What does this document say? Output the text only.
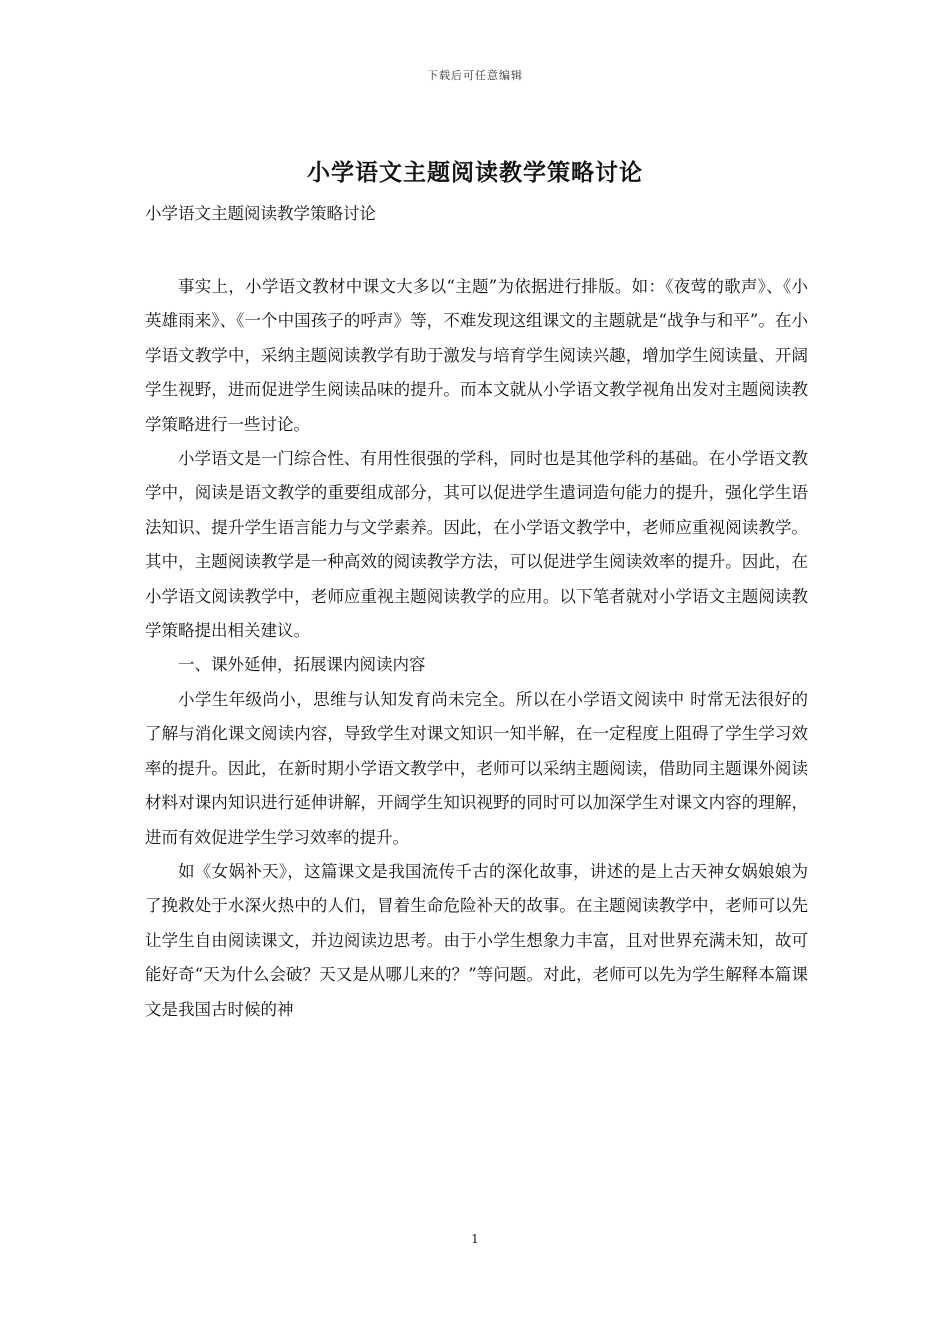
下载后可任意编辑
小学语文主题阅读教学策略讨论
小学语文主题阅读教学策略讨论

事实上，小学语文教材中课文大多以“主题”为依据进行排版。如：《夜莺的歌声》、《小英雄雨来》、《一个中国孩子的呼声》等，不难发现这组课文的主题就是“战争与和平”。在小学语文教学中，采纳主题阅读教学有助于激发与培育学生阅读兴趣，增加学生阅读量、开阔学生视野，进而促进学生阅读品味的提升。而本文就从小学语文教学视角出发对主题阅读教学策略进行一些讨论。

小学语文是一门综合性、有用性很强的学科，同时也是其他学科的基础。在小学语文教学中，阅读是语文教学的重要组成部分，其可以促进学生遣词造句能力的提升，强化学生语法知识、提升学生语言能力与文学素养。因此，在小学语文教学中，老师应重视阅读教学。其中，主题阅读教学是一种高效的阅读教学方法，可以促进学生阅读效率的提升。因此，在小学语文阅读教学中，老师应重视主题阅读教学的应用。以下笔者就对小学语文主题阅读教学策略提出相关建议。

一、课外延伸，拓展课内阅读内容

小学生年级尚小，思维与认知发育尚未完全。所以在小学语文阅读中 时常无法很好的了解与消化课文阅读内容，导致学生对课文知识一知半解，在一定程度上阻碍了学生学习效率的提升。因此，在新时期小学语文教学中，老师可以采纳主题阅读，借助同主题课外阅读材料对课内知识进行延伸讲解，开阔学生知识视野的同时可以加深学生对课文内容的理解，进而有效促进学生学习效率的提升。

如《女娲补天》，这篇课文是我国流传千古的深化故事，讲述的是上古天神女娲娘娘为了挽救处于水深火热中的人们，冒着生命危险补天的故事。在主题阅读教学中，老师可以先让学生自由阅读课文，并边阅读边思考。由于小学生想象力丰富，且对世界充满未知，故可能好奇“天为什么会破？天又是从哪儿来的？”等问题。对此，老师可以先为学生解释本篇课文是我国古时候的神

1
